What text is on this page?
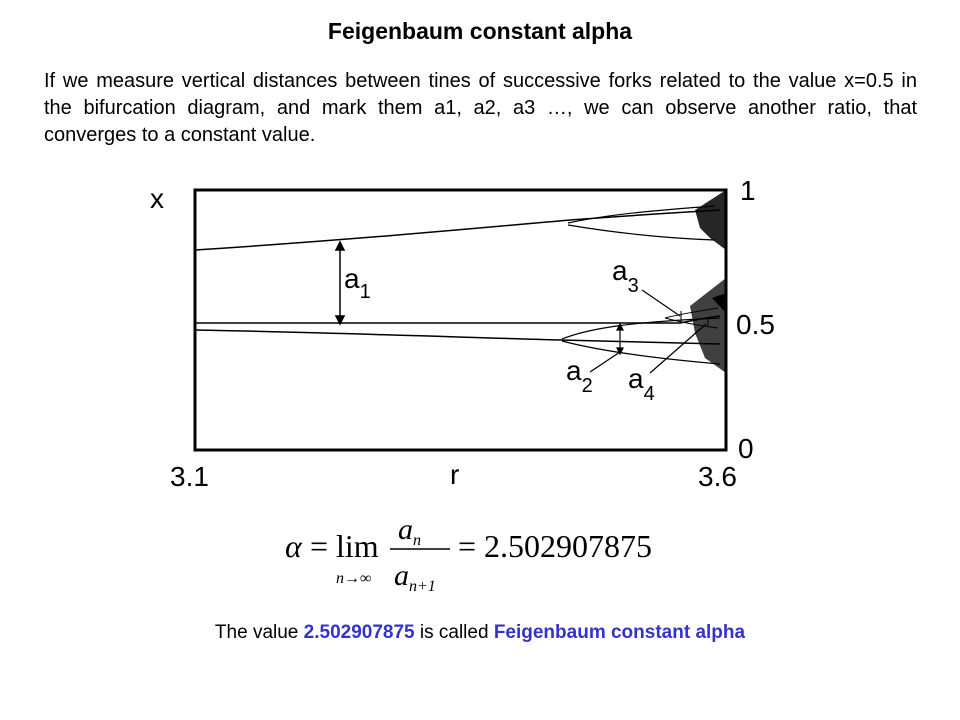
Feigenbaum constant alpha

If we measure vertical distances between tines of successive forks related to the value x=0.5 in the bifurcation diagram, and mark them a1, a2, a3 …, we can observe another ratio, that converges to a constant value.

x
r
3.1	3.6
1
0.5
0
$a_1$
$a_2$
$a_3$
$a_4$
α = lim
n→∞
$a_n$
$a_{n+1}$
= 2.502907875
The value 2.502907875 is called Feigenbaum constant alpha
